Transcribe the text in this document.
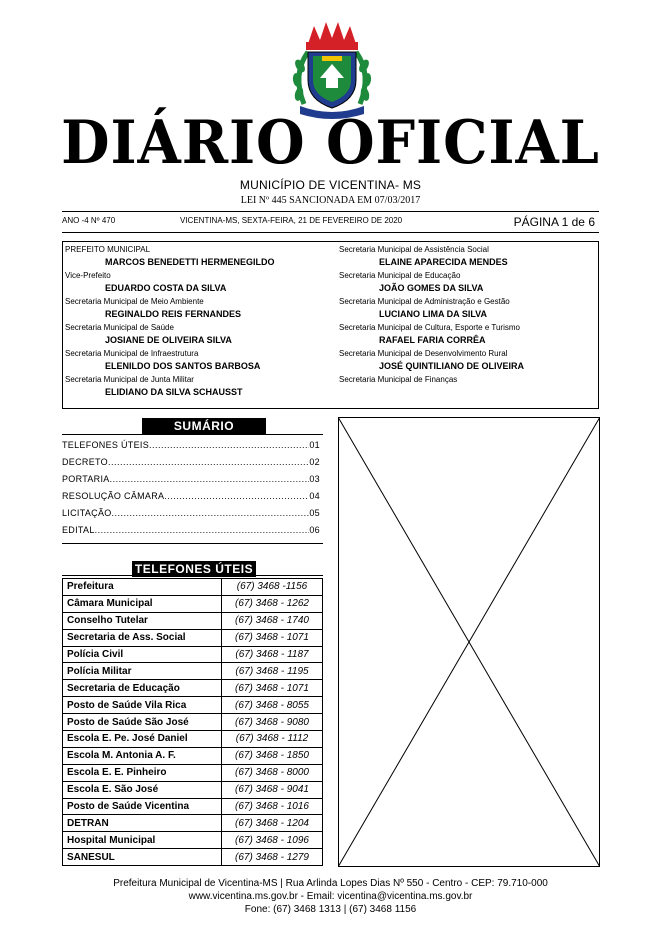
DIÁRIO OFICIAL
MUNICÍPIO DE VICENTINA- MS
LEI Nº 445 SANCIONADA EM 07/03/2017
ANO -4 Nº 470	VICENTINA-MS, SEXTA-FEIRA, 21 DE FEVEREIRO DE 2020	PÁGINA 1 de 6
PREFEITO MUNICIPAL
MARCOS BENEDETTI HERMENEGILDO
Vice-Prefeito
EDUARDO COSTA DA SILVA
Secretaria Municipal de Meio Ambiente
REGINALDO REIS FERNANDES
Secretaria Municipal de Saúde
JOSIANE DE OLIVEIRA SILVA
Secretaria Municipal de Infraestrutura
ELENILDO DOS SANTOS BARBOSA
Secretaria Municipal de Junta Militar
ELIDIANO DA SILVA SCHAUSST
Secretaria Municipal de Assistência Social
ELAINE APARECIDA MENDES
Secretaria Municipal de Educação
JOÃO GOMES DA SILVA
Secretaria Municipal de Administração e Gestão
LUCIANO LIMA DA SILVA
Secretaria Municipal de Cultura, Esporte e Turismo
RAFAEL FARIA CORRÊA
Secretaria Municipal de Desenvolvimento Rural
JOSÉ QUINTILIANO DE OLIVEIRA
Secretaria Municipal de Finanças
SUMÁRIO
TELEFONES ÚTEIS .....	01
DECRETO .....	02
PORTARIA .....	03
RESOLUÇÃO CÂMARA .....	04
LICITAÇÃO .....	05
EDITAL .....	06
TELEFONES ÚTEIS
Prefeitura	(67) 3468 -1156
Câmara Municipal	(67) 3468 - 1262
Conselho Tutelar	(67) 3468 - 1740
Secretaria de Ass. Social	(67) 3468 - 1071
Polícia Civil	(67) 3468 - 1187
Polícia Militar	(67) 3468 - 1195
Secretaria de Educação	(67) 3468 - 1071
Posto de Saúde Vila Rica	(67) 3468 - 8055
Posto de Saúde São José	(67) 3468 - 9080
Escola E. Pe. José Daniel	(67) 3468 - 1112
Escola M. Antonia A. F.	(67) 3468 - 1850
Escola E. E. Pinheiro	(67) 3468 - 8000
Escola E. São José	(67) 3468 - 9041
Posto de Saúde Vicentina	(67) 3468 - 1016
DETRAN	(67) 3468 - 1204
Hospital Municipal	(67) 3468 - 1096
SANESUL	(67) 3468 - 1279
Prefeitura Municipal de Vicentina-MS | Rua Arlinda Lopes Dias Nº 550 - Centro - CEP: 79.710-000
www.vicentina.ms.gov.br - Email: vicentina@vicentina.ms.gov.br
Fone: (67) 3468 1313 | (67) 3468 1156
